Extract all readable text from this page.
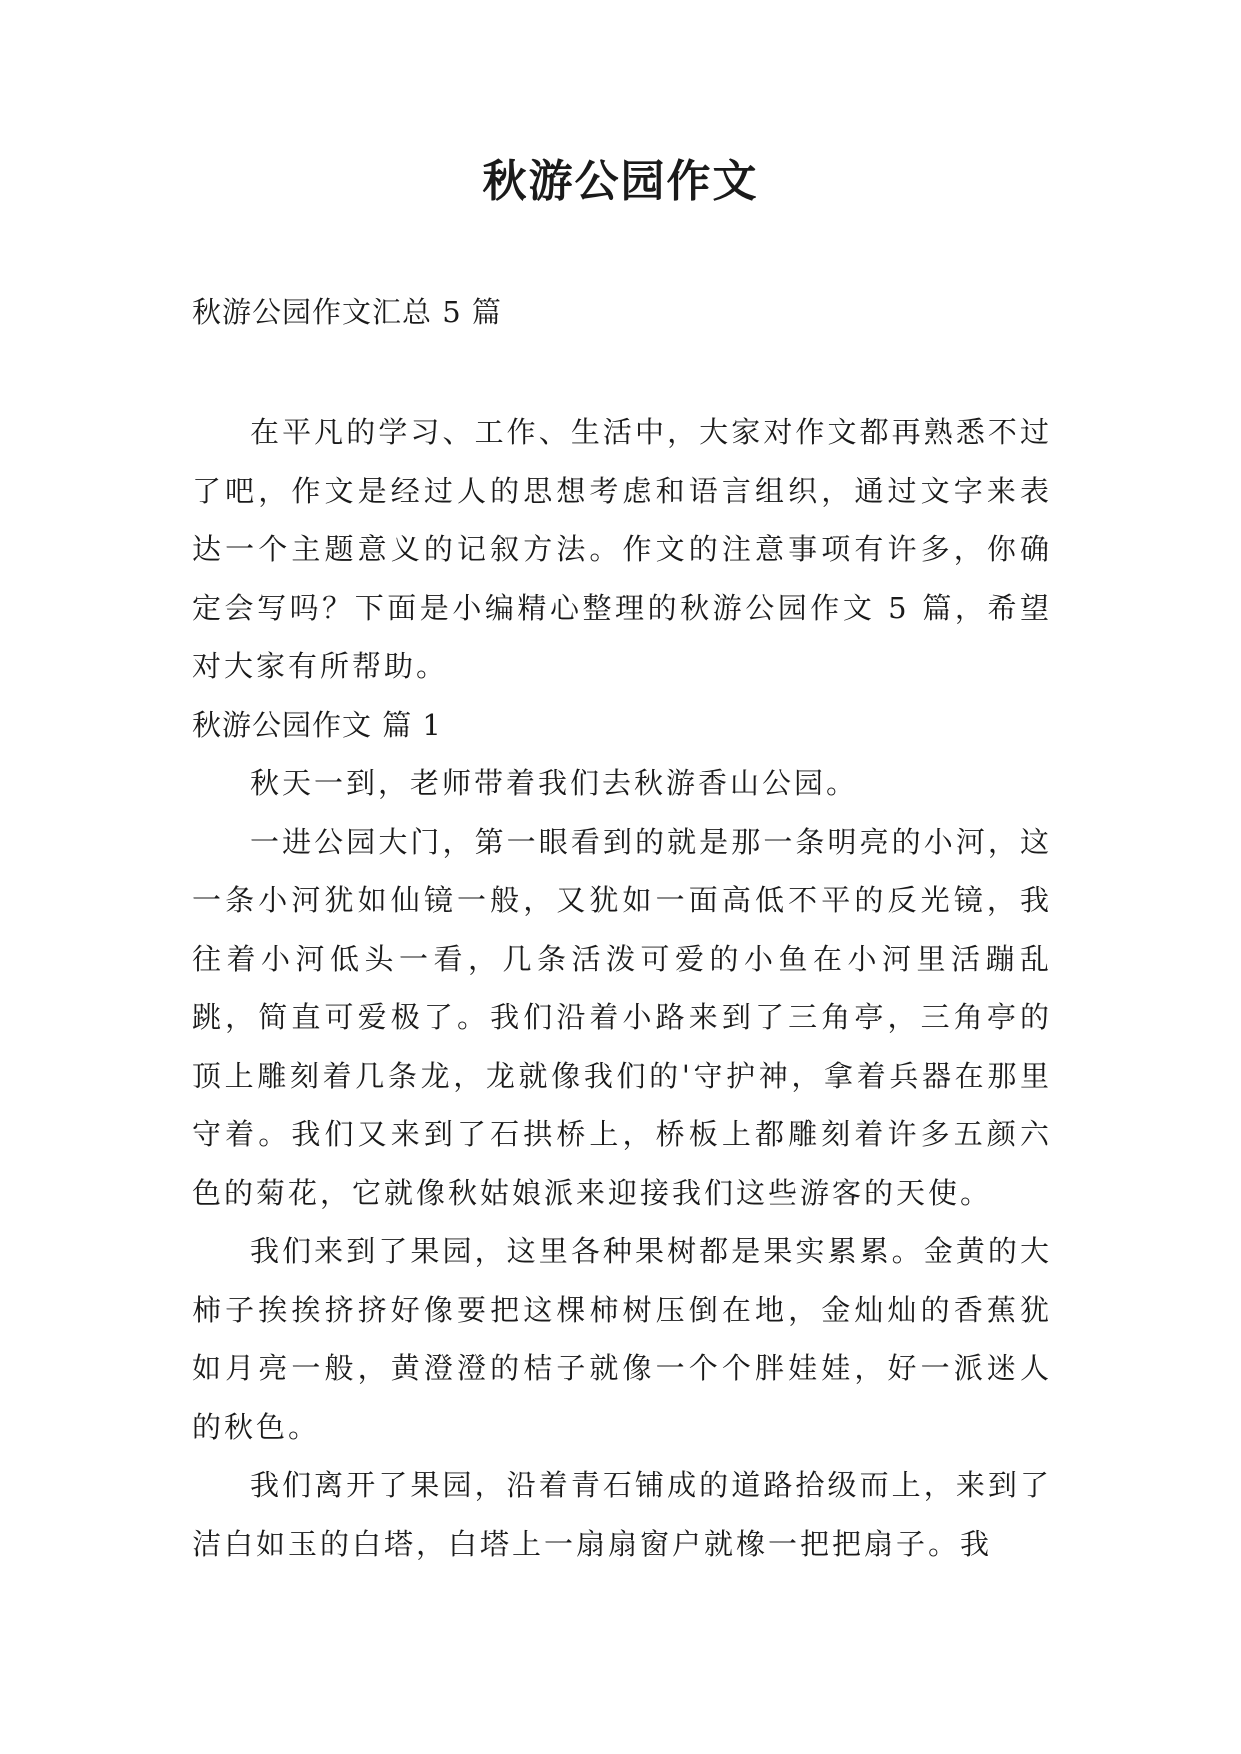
秋游公园作文
秋游公园作文汇总 5 篇

在平凡的学习、工作、生活中，大家对作文都再熟悉不过了吧，作文是经过人的思想考虑和语言组织，通过文字来表达一个主题意义的记叙方法。作文的注意事项有许多，你确定会写吗？下面是小编精心整理的秋游公园作文 5 篇，希望对大家有所帮助。

秋游公园作文 篇 1

秋天一到，老师带着我们去秋游香山公园。

一进公园大门，第一眼看到的就是那一条明亮的小河，这一条小河犹如仙镜一般，又犹如一面高低不平的反光镜，我往着小河低头一看，几条活泼可爱的小鱼在小河里活蹦乱跳，简直可爱极了。我们沿着小路来到了三角亭，三角亭的顶上雕刻着几条龙，龙就像我们的'守护神，拿着兵器在那里守着。我们又来到了石拱桥上，桥板上都雕刻着许多五颜六色的菊花，它就像秋姑娘派来迎接我们这些游客的天使。

我们来到了果园，这里各种果树都是果实累累。金黄的大柿子挨挨挤挤好像要把这棵柿树压倒在地，金灿灿的香蕉犹如月亮一般，黄澄澄的桔子就像一个个胖娃娃，好一派迷人的秋色。

我们离开了果园，沿着青石铺成的道路拾级而上，来到了洁白如玉的白塔，白塔上一扇扇窗户就橡一把把扇子。我
